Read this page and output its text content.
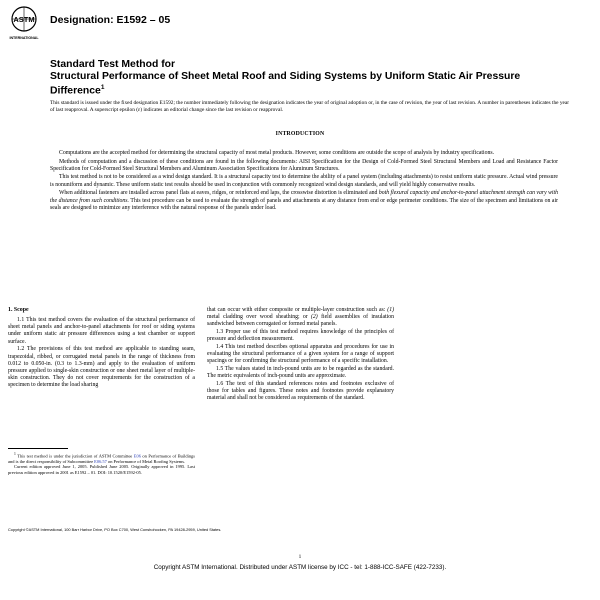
ASTM
INTERNATIONAL
Designation: E1592 – 05
Standard Test Method for
Structural Performance of Sheet Metal Roof and Siding Systems by Uniform Static Air Pressure Difference$^1$
This standard is issued under the fixed designation E1592; the number immediately following the designation indicates the year of original adoption or, in the case of revision, the year of last revision. A number in parentheses indicates the year of last reapproval. A superscript epsilon (ε) indicates an editorial change since the last revision or reapproval.
INTRODUCTION

Computations are the accepted method for determining the structural capacity of most metal products. However, some conditions are outside the scope of analysis by industry specifications.

Methods of computation and a discussion of these conditions are found in the following documents: AISI Specification for the Design of Cold-Formed Steel Structural Members and Load and Resistance Factor Specification for Cold-Formed Steel Structural Members and Aluminum Association Specifications for Aluminum Structures.

This test method is not to be considered as a wind design standard. It is a structural capacity test to determine the ability of a panel system (including attachments) to resist uniform static pressure. Actual wind pressure is nonuniform and dynamic. These uniform static test results should be used in conjunction with commonly recognized wind design standards, and will yield highly conservative results.

When additional fasteners are installed across panel flats at eaves, ridges, or reinforced end laps, the crosswise distortion is eliminated and both flexural capacity and anchor-to-panel attachment strength can vary with the distance from such conditions. This test procedure can be used to evaluate the strength of panels and attachments at any distance from end or edge perimeter conditions. The size of the specimen and limitations on air seals are designed to minimize any interference with the natural response of the panels under load.

1. Scope

1.1 This test method covers the evaluation of the structural performance of sheet metal panels and anchor-to-panel attachments for roof or siding systems under uniform static air pressure differences using a test chamber or support surface.

1.2 The provisions of this test method are applicable to standing seam, trapezoidal, ribbed, or corrugated metal panels in the range of thickness from 0.012 to 0.050-in. (0.3 to 1.3-mm) and apply to the evaluation of uniform pressure applied to single-skin construction or one sheet metal layer of multiple-skin construction. They do not cover requirements for the construction of a specimen to determine the load sharing

that can occur with either composite or multiple-layer construction such as: (1) metal cladding over wood sheathing; or (2) field assemblies of insulation sandwiched between corrugated or formed metal panels.

1.3 Proper use of this test method requires knowledge of the principles of pressure and deflection measurement.

1.4 This test method describes optional apparatus and procedures for use in evaluating the structural performance of a given system for a range of support spacings or for confirming the structural performance of a specific installation.

1.5 The values stated in inch-pound units are to be regarded as the standard. The metric equivalents of inch-pound units are approximate.

1.6 The text of this standard references notes and footnotes exclusive of those for tables and figures. These notes and footnotes provide explanatory material and shall not be considered as requirements of the standard.

$^1$ This test method is under the jurisdiction of ASTM Committee E06 on Performance of Buildings and is the direct responsibility of Subcommittee E06.57 on Performance of Metal Roofing Systems.

Current edition approved June 1, 2005. Published June 2005. Originally approved in 1995. Last previous edition approved in 2001 as E1592 – 01. DOI: 10.1520/E1592-05.

Copyright ©ASTM International, 100 Barr Harbor Drive, PO Box C700, West Conshohocken, PA 19428-2959, United States.
1
Copyright ASTM International. Distributed under ASTM license by ICC - tel: 1-888-ICC-SAFE (422-7233).
